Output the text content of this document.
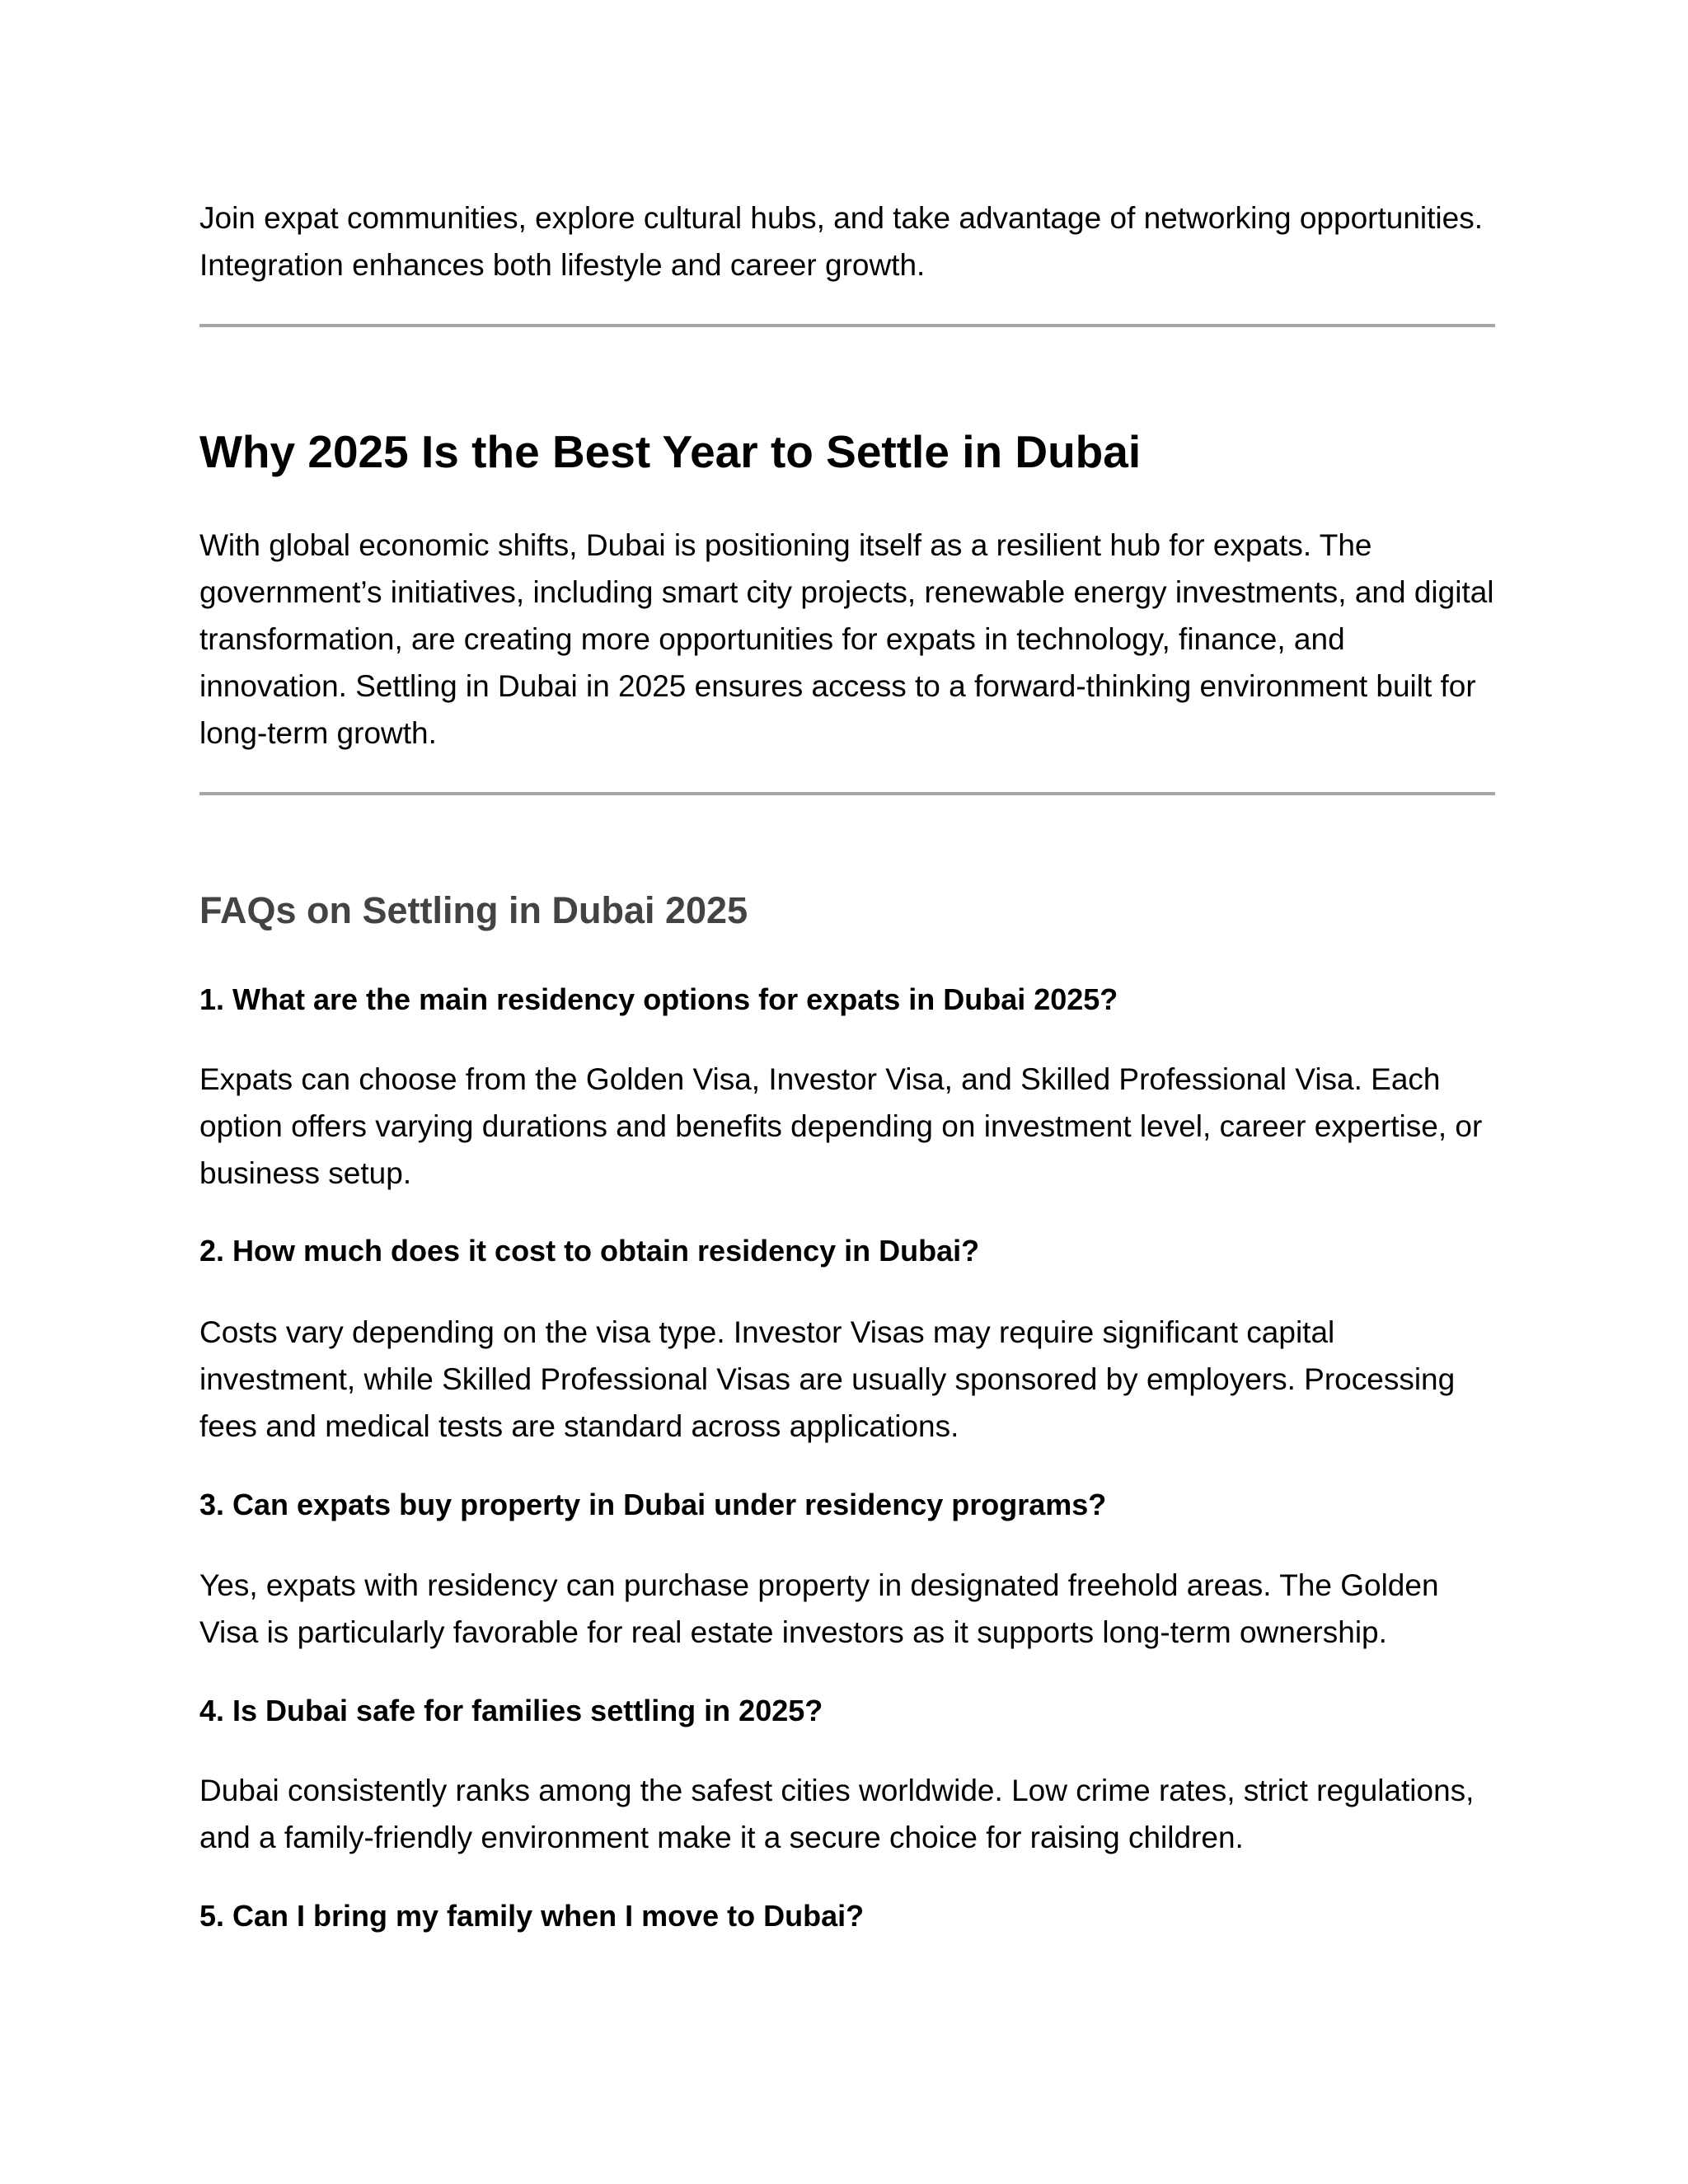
Join expat communities, explore cultural hubs, and take advantage of networking opportunities. Integration enhances both lifestyle and career growth.

Why 2025 Is the Best Year to Settle in Dubai

With global economic shifts, Dubai is positioning itself as a resilient hub for expats. The government’s initiatives, including smart city projects, renewable energy investments, and digital transformation, are creating more opportunities for expats in technology, finance, and innovation. Settling in Dubai in 2025 ensures access to a forward-thinking environment built for long-term growth.

FAQs on Settling in Dubai 2025

1. What are the main residency options for expats in Dubai 2025?

Expats can choose from the Golden Visa, Investor Visa, and Skilled Professional Visa. Each option offers varying durations and benefits depending on investment level, career expertise, or business setup.

2. How much does it cost to obtain residency in Dubai?

Costs vary depending on the visa type. Investor Visas may require significant capital investment, while Skilled Professional Visas are usually sponsored by employers. Processing fees and medical tests are standard across applications.

3. Can expats buy property in Dubai under residency programs?

Yes, expats with residency can purchase property in designated freehold areas. The Golden Visa is particularly favorable for real estate investors as it supports long-term ownership.

4. Is Dubai safe for families settling in 2025?

Dubai consistently ranks among the safest cities worldwide. Low crime rates, strict regulations, and a family-friendly environment make it a secure choice for raising children.

5. Can I bring my family when I move to Dubai?
